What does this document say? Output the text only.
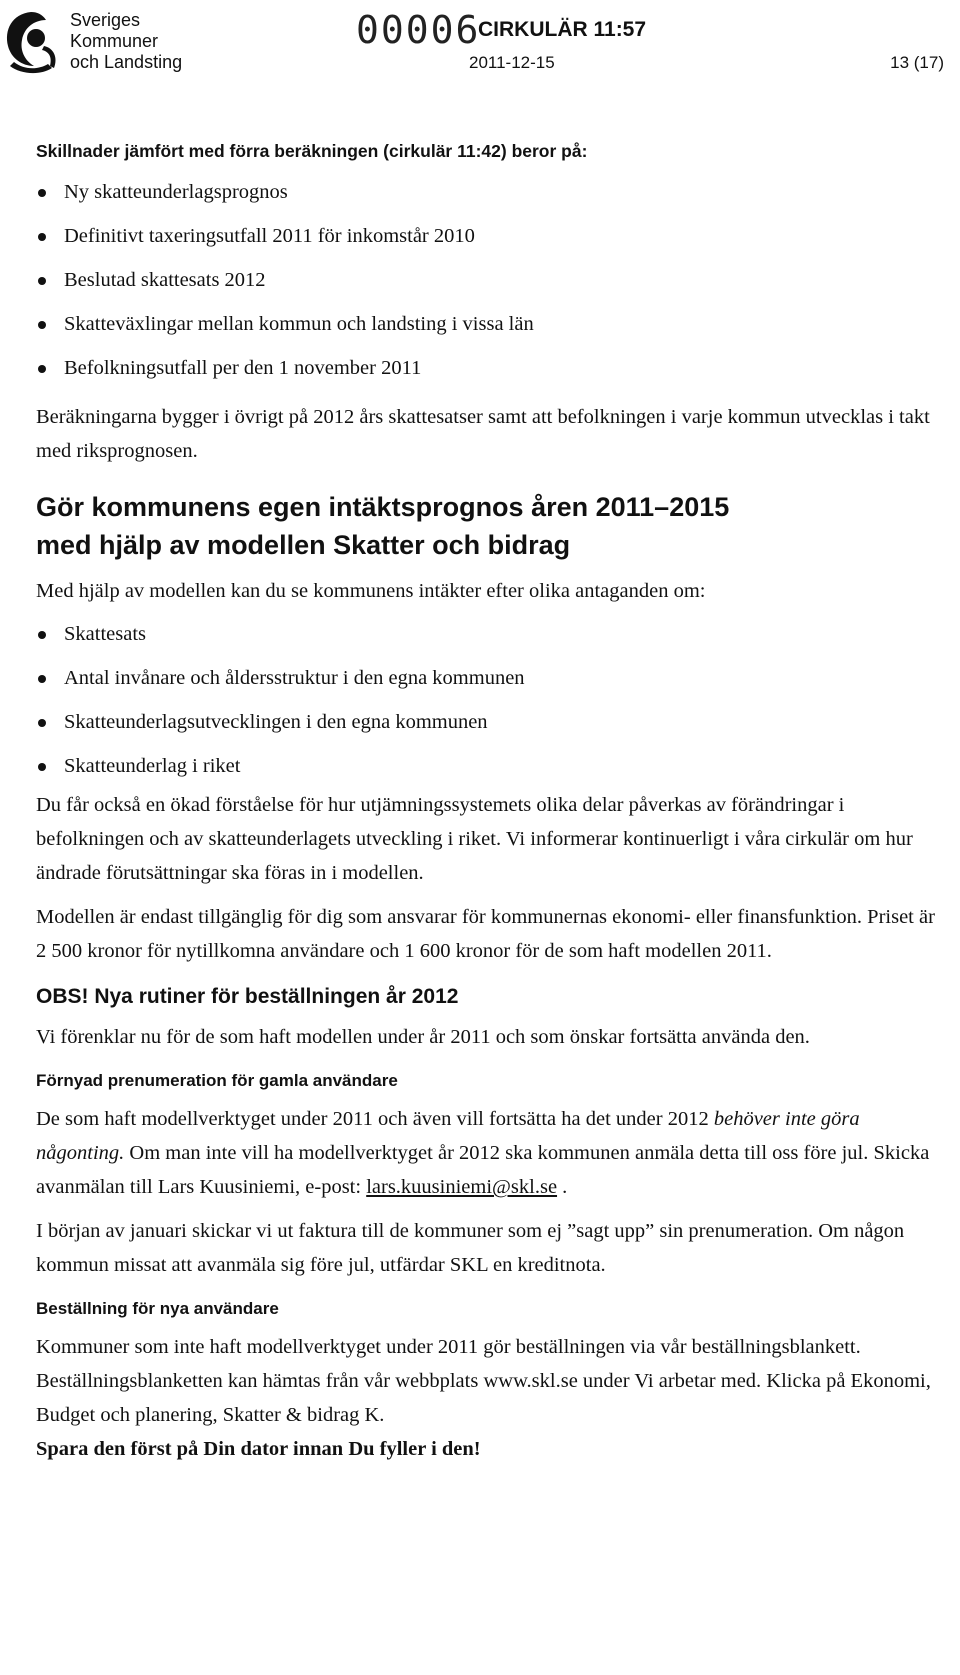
Sveriges
Kommuner
och Landsting
00006
CIRKULÄR 11:57
2011-12-15	13 (17)

Skillnader jämfört med förra beräkningen (cirkulär 11:42) beror på:

Ny skatteunderlagsprognos
Definitivt taxeringsutfall 2011 för inkomstår 2010
Beslutad skattesats 2012
Skatteväxlingar mellan kommun och landsting i vissa län
Befolkningsutfall per den 1 november 2011

Beräkningarna bygger i övrigt på 2012 års skattesatser samt att befolkningen i varje kommun utvecklas i takt med riksprognosen.

Gör kommunens egen intäktsprognos åren 2011–2015
med hjälp av modellen Skatter och bidrag

Med hjälp av modellen kan du se kommunens intäkter efter olika antaganden om:

Skattesats
Antal invånare och åldersstruktur i den egna kommunen
Skatteunderlagsutvecklingen i den egna kommunen
Skatteunderlag i riket

Du får också en ökad förståelse för hur utjämningssystemets olika delar påverkas av förändringar i befolkningen och av skatteunderlagets utveckling i riket. Vi informerar kontinuerligt i våra cirkulär om hur ändrade förutsättningar ska föras in i modellen.

Modellen är endast tillgänglig för dig som ansvarar för kommunernas ekonomi- eller finansfunktion. Priset är 2 500 kronor för nytillkomna användare och 1 600 kronor för de som haft modellen 2011.

OBS! Nya rutiner för beställningen år 2012

Vi förenklar nu för de som haft modellen under år 2011 och som önskar fortsätta använda den.

Förnyad prenumeration för gamla användare

De som haft modellverktyget under 2011 och även vill fortsätta ha det under 2012 behöver inte göra någonting. Om man inte vill ha modellverktyget år 2012 ska kommunen anmäla detta till oss före jul. Skicka avanmälan till Lars Kuusiniemi, e-post: lars.kuusiniemi@skl.se .

I början av januari skickar vi ut faktura till de kommuner som ej ”sagt upp” sin prenumeration. Om någon kommun missat att avanmäla sig före jul, utfärdar SKL en kreditnota.

Beställning för nya användare

Kommuner som inte haft modellverktyget under 2011 gör beställningen via vår beställningsblankett. Beställningsblanketten kan hämtas från vår webbplats www.skl.se under Vi arbetar med. Klicka på Ekonomi, Budget och planering, Skatter & bidrag K.
Spara den först på Din dator innan Du fyller i den!
